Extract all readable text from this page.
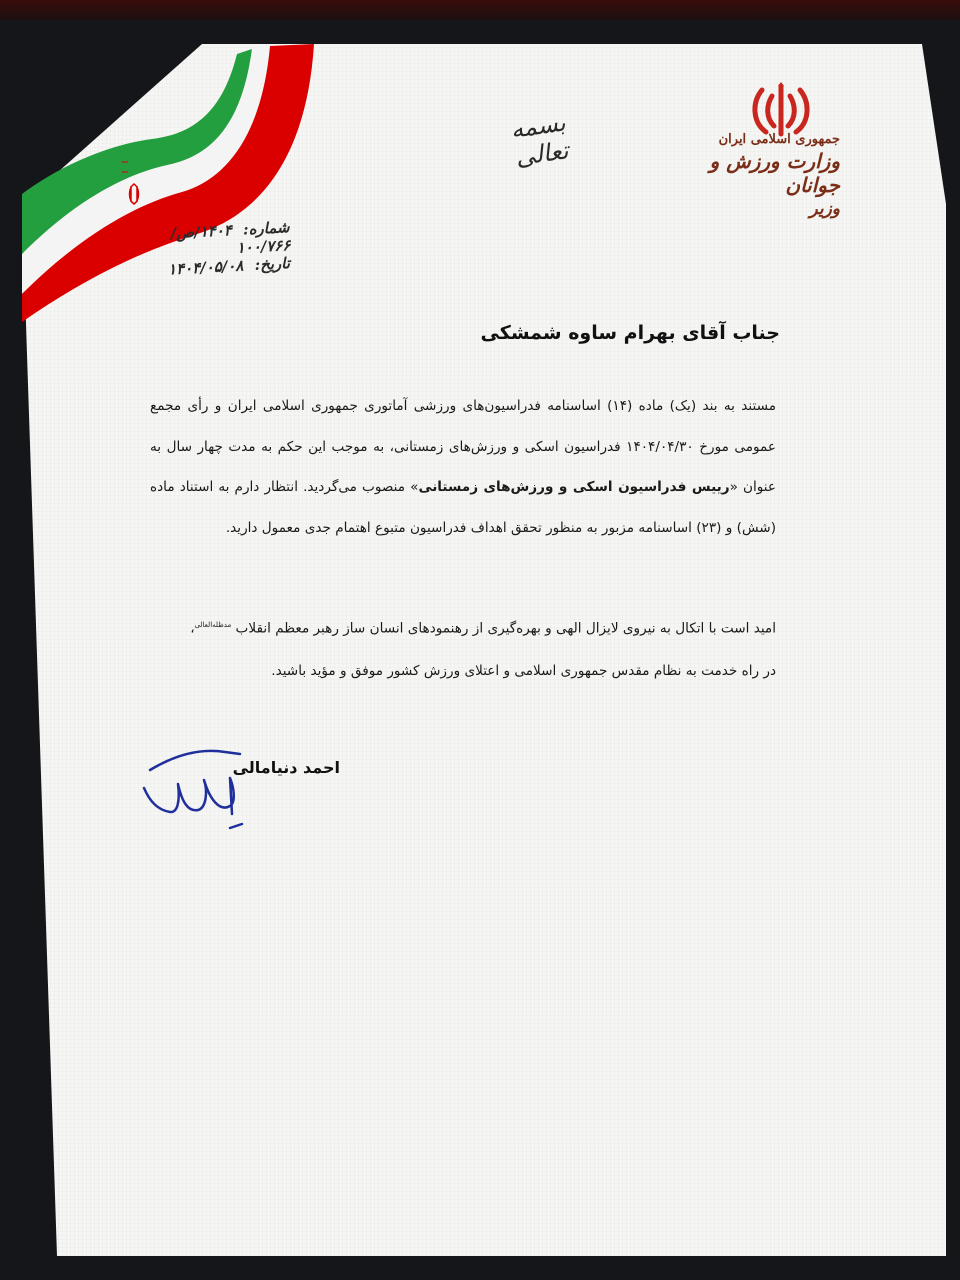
جمهوری اسلامی ایران
وزارت ورزش و جوانان
وزیر
بسمه تعالی
شماره: ۱۴۰۴/ص/۱۰۰/۷۶۶
تاریخ: ۱۴۰۴/۰۵/۰۸
جناب آقای بهرام ساوه شمشکی
مستند به بند (یک) ماده (۱۴) اساسنامه فدراسیون‌های ورزشی آماتوری جمهوری اسلامی ایران و رأی مجمع عمومی مورخ ۱۴۰۴/۰۴/۳۰ فدراسیون اسکی و ورزش‌های زمستانی، به موجب این حکم به مدت چهار سال به عنوان «رییس فدراسیون اسکی و ورزش‌های زمستانی» منصوب می‌گردید. انتظار دارم به استناد ماده (شش) و (۲۳) اساسنامه مزبور به منظور تحقق اهداف فدراسیون متبوع اهتمام جدی معمول دارید.
امید است با اتکال به نیروی لایزال الهی و بهره‌گیری از رهنمودهای انسان ساز رهبر معظم انقلاب $^{مدظله‌العالی}$،
در راه خدمت به نظام مقدس جمهوری اسلامی و اعتلای ورزش کشور موفق و مؤید باشید.
احمد دنیامالی
